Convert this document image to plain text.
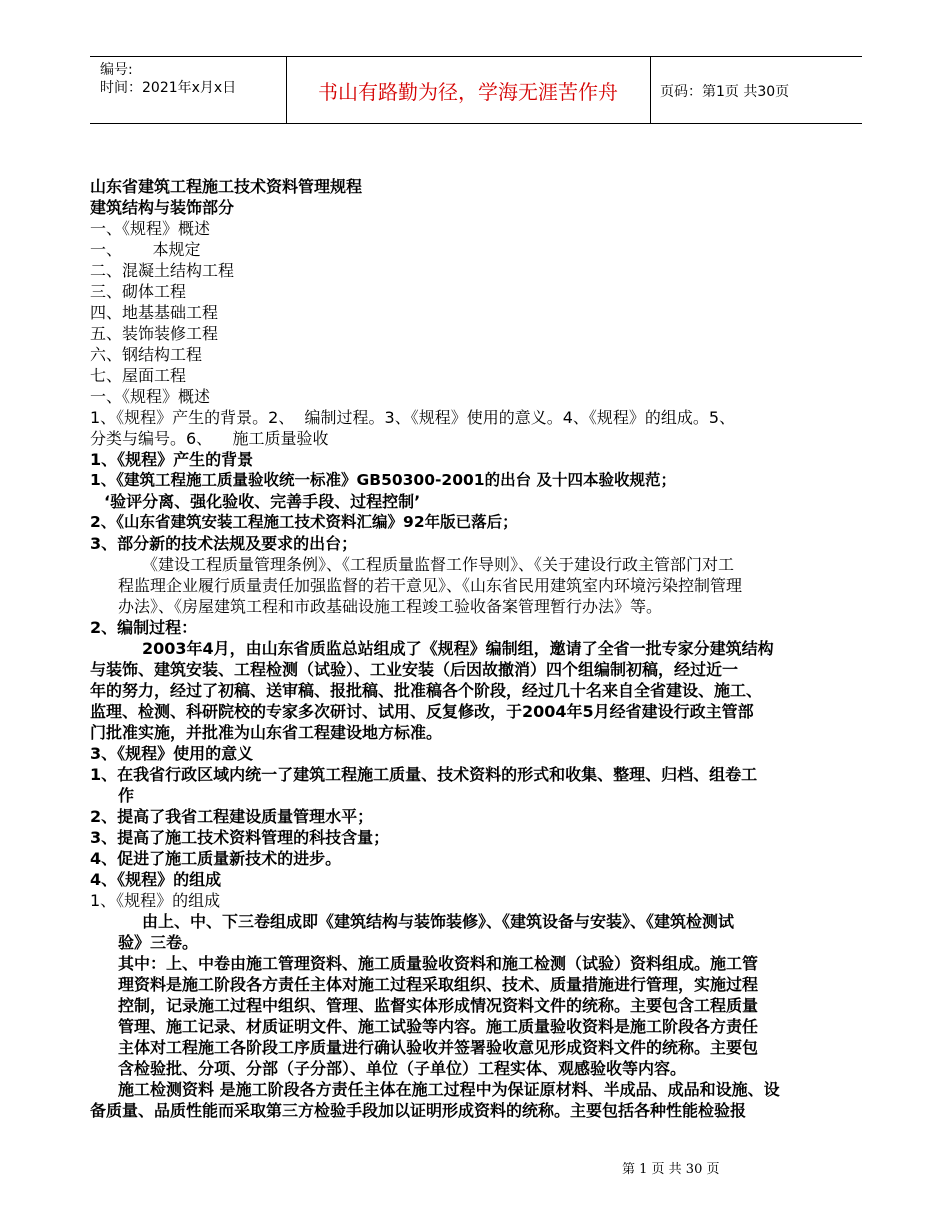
编号:
时间：2021年x月x日	书山有路勤为径，学海无涯苦作舟	页码：第1页 共30页
山东省建筑工程施工技术资料管理规程
建筑结构与装饰部分
一、《规程》概述
一、      本规定
二、混凝土结构工程
三、砌体工程
四、地基基础工程
五、装饰装修工程
六、钢结构工程
七、屋面工程
一、《规程》概述
1、《规程》产生的背景。2、  编制过程。3、《规程》使用的意义。4、《规程》的组成。5、
分类与编号。6、    施工质量验收
1、《规程》产生的背景
1、《建筑工程施工质量验收统一标准》GB50300-2001的出台 及十四本验收规范；
‘验评分离、强化验收、完善手段、过程控制’
2、《山东省建筑安装工程施工技术资料汇编》92年版已落后；
3、部分新的技术法规及要求的出台；
《建设工程质量管理条例》、《工程质量监督工作导则》、《关于建设行政主管部门对工
程监理企业履行质量责任加强监督的若干意见》、《山东省民用建筑室内环境污染控制管理
办法》、《房屋建筑工程和市政基础设施工程竣工验收备案管理暂行办法》等。
2、编制过程：
2003年4月，由山东省质监总站组成了《规程》编制组，邀请了全省一批专家分建筑结构
与装饰、建筑安装、工程检测（试验）、工业安装（后因故撤消）四个组编制初稿，经过近一
年的努力，经过了初稿、送审稿、报批稿、批准稿各个阶段，经过几十名来自全省建设、施工、
监理、检测、科研院校的专家多次研讨、试用、反复修改，于2004年5月经省建设行政主管部
门批准实施，并批准为山东省工程建设地方标准。
3、《规程》使用的意义
1、在我省行政区域内统一了建筑工程施工质量、技术资料的形式和收集、整理、归档、组卷工
作
2、提高了我省工程建设质量管理水平；
3、提高了施工技术资料管理的科技含量；
4、促进了施工质量新技术的进步。
4、《规程》的组成
1、《规程》的组成
由上、中、下三卷组成即《建筑结构与装饰装修》、《建筑设备与安装》、《建筑检测试
验》三卷。
其中：上、中卷由施工管理资料、施工质量验收资料和施工检测（试验）资料组成。施工管
理资料是施工阶段各方责任主体对施工过程采取组织、技术、质量措施进行管理，实施过程
控制，记录施工过程中组织、管理、监督实体形成情况资料文件的统称。主要包含工程质量
管理、施工记录、材质证明文件、施工试验等内容。施工质量验收资料是施工阶段各方责任
主体对工程施工各阶段工序质量进行确认验收并签署验收意见形成资料文件的统称。主要包
含检验批、分项、分部（子分部）、单位（子单位）工程实体、观感验收等内容。
施工检测资料 是施工阶段各方责任主体在施工过程中为保证原材料、半成品、成品和设施、设
备质量、品质性能而采取第三方检验手段加以证明形成资料的统称。主要包括各种性能检验报
第 1 页 共 30 页
